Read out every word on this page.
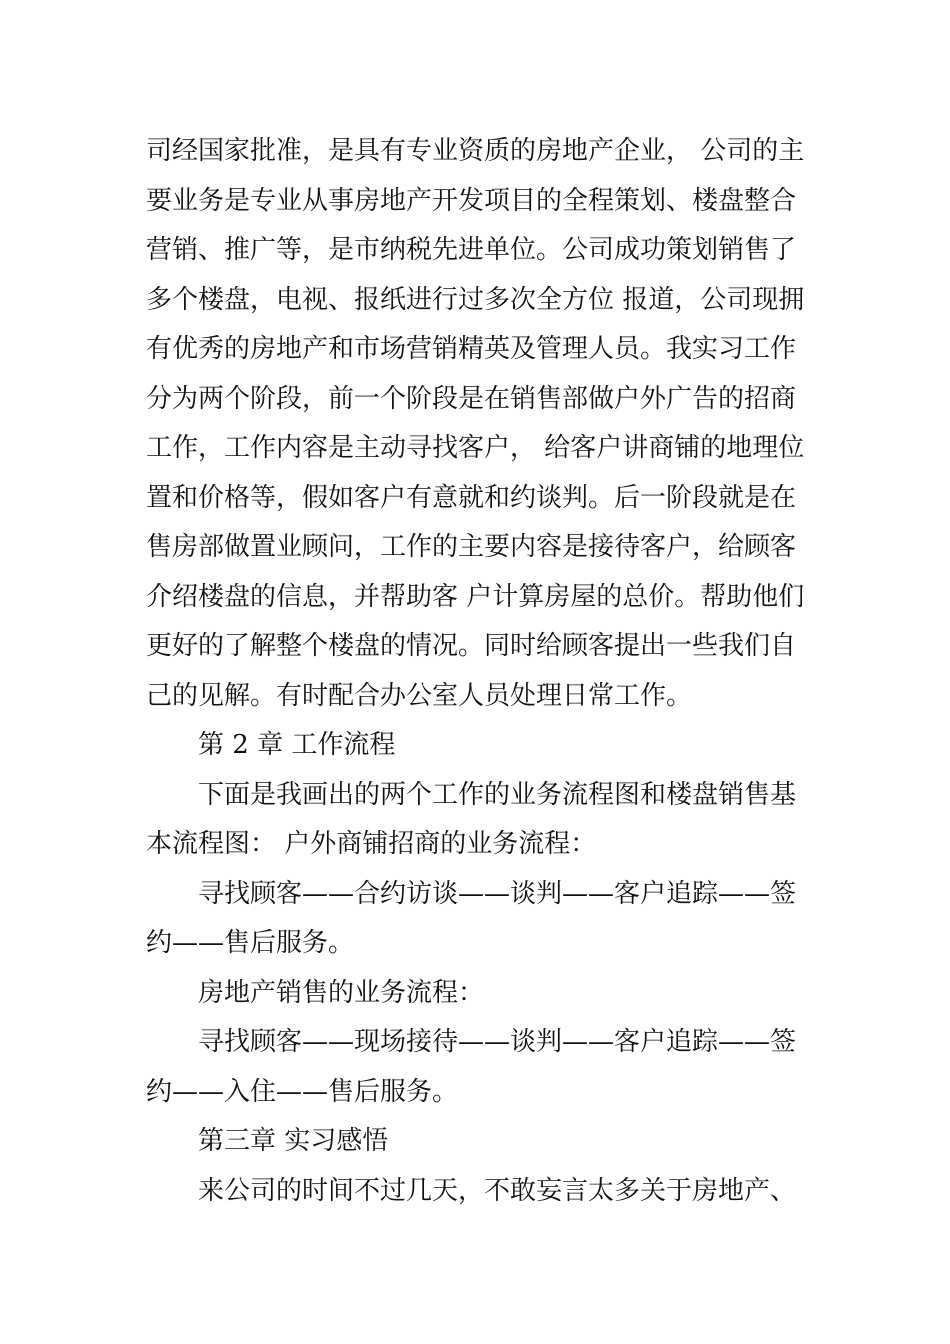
司经国家批准，是具有专业资质的房地产企业， 公司的主
要业务是专业从事房地产开发项目的全程策划、楼盘整合
营销、推广等，是市纳税先进单位。公司成功策划销售了
多个楼盘，电视、报纸进行过多次全方位 报道，公司现拥
有优秀的房地产和市场营销精英及管理人员。我实习工作
分为两个阶段，前一个阶段是在销售部做户外广告的招商
工作，工作内容是主动寻找客户， 给客户讲商铺的地理位
置和价格等，假如客户有意就和约谈判。后一阶段就是在
售房部做置业顾问，工作的主要内容是接待客户，给顾客
介绍楼盘的信息，并帮助客 户计算房屋的总价。帮助他们
更好的了解整个楼盘的情况。同时给顾客提出一些我们自
己的见解。有时配合办公室人员处理日常工作。
第 2 章 工作流程
下面是我画出的两个工作的业务流程图和楼盘销售基
本流程图： 户外商铺招商的业务流程：
寻找顾客——合约访谈——谈判——客户追踪——签
约——售后服务。
房地产销售的业务流程：
寻找顾客——现场接待——谈判——客户追踪——签
约——入住——售后服务。
第三章 实习感悟
来公司的时间不过几天，不敢妄言太多关于房地产、
